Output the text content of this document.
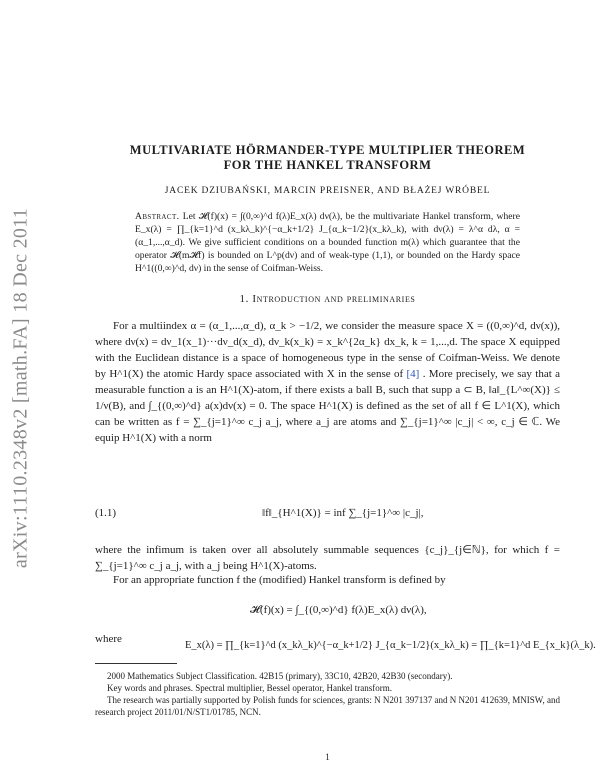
arXiv:1110.2348v2 [math.FA] 18 Dec 2011
MULTIVARIATE HÖRMANDER-TYPE MULTIPLIER THEOREM
FOR THE HANKEL TRANSFORM
JACEK DZIUBAŃSKI, MARCIN PREISNER, AND BŁAŻEJ WRÓBEL
Abstract. Let 𝓗(f)(x) = ∫(0,∞)^d f(λ)E_x(λ) dν(λ), be the multivariate Hankel transform, where E_x(λ) = ∏_{k=1}^d (x_kλ_k)^{−α_k+1/2} J_{α_k−1/2}(x_kλ_k), with dν(λ) = λ^α dλ, α = (α_1,...,α_d). We give sufficient conditions on a bounded function m(λ) which guarantee that the operator 𝓗(m𝓗f) is bounded on L^p(dν) and of weak-type (1,1), or bounded on the Hardy space H^1((0,∞)^d, dν) in the sense of Coifman-Weiss.
1. Introduction and preliminaries
For a multiindex α = (α_1,...,α_d), α_k > −1/2, we consider the measure space X = ((0,∞)^d, dν(x)), where dν(x) = dν_1(x_1)···dν_d(x_d), dν_k(x_k) = x_k^{2α_k} dx_k, k = 1,...,d. The space X equipped with the Euclidean distance is a space of homogeneous type in the sense of Coifman-Weiss. We denote by H^1(X) the atomic Hardy space associated with X in the sense of [4] . More precisely, we say that a measurable function a is an H^1(X)-atom, if there exists a ball B, such that supp a ⊂ B, ‖a‖_{L^∞(X)} ≤ 1/ν(B), and ∫_{(0,∞)^d} a(x)dν(x) = 0. The space H^1(X) is defined as the set of all f ∈ L^1(X), which can be written as f = ∑_{j=1}^∞ c_j a_j, where a_j are atoms and ∑_{j=1}^∞ |c_j| < ∞, c_j ∈ ℂ. We equip H^1(X) with a norm
(1.1)	‖f‖_{H^1(X)} = inf ∑_{j=1}^∞ |c_j|,
where the infimum is taken over all absolutely summable sequences {c_j}_{j∈ℕ}, for which f = ∑_{j=1}^∞ c_j a_j, with a_j being H^1(X)-atoms.
For an appropriate function f the (modified) Hankel transform is defined by
𝓗(f)(x) = ∫_{(0,∞)^d} f(λ)E_x(λ) dν(λ),
where
E_x(λ) = ∏_{k=1}^d (x_kλ_k)^{−α_k+1/2} J_{α_k−1/2}(x_kλ_k) = ∏_{k=1}^d E_{x_k}(λ_k).
2000 Mathematics Subject Classification. 42B15 (primary), 33C10, 42B20, 42B30 (secondary).
Key words and phrases. Spectral multiplier, Bessel operator, Hankel transform.
The research was partially supported by Polish funds for sciences, grants: N N201 397137 and N N201 412639, MNISW, and research project 2011/01/N/ST1/01785, NCN.
1
